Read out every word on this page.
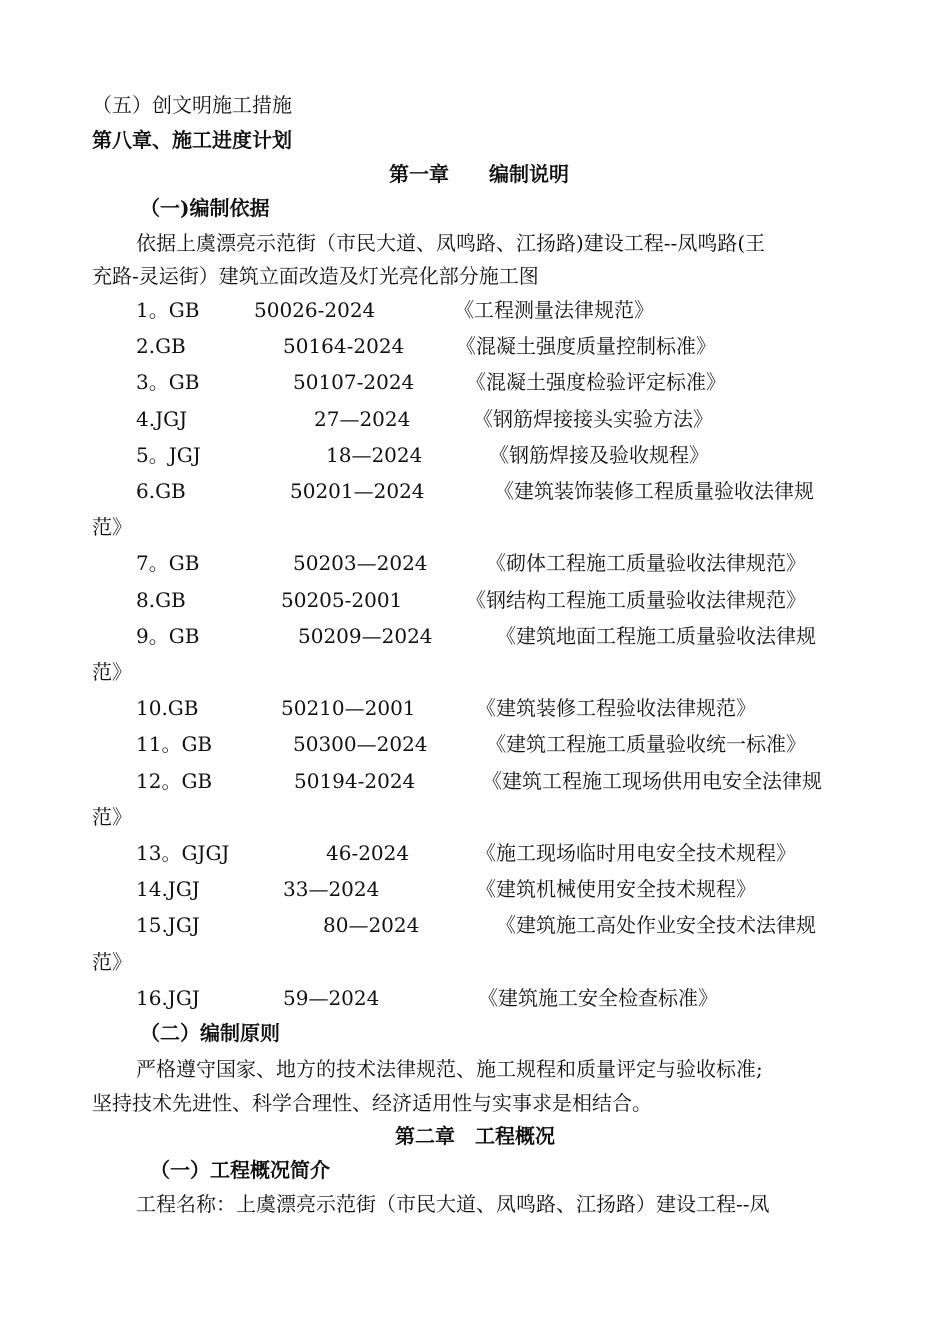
（五）创文明施工措施
第八章、施工进度计划
第一章　　编制说明
（一)编制依据
依据上虞漂亮示范街（市民大道、凤鸣路、江扬路)建设工程--凤鸣路(王
充路-灵运街）建筑立面改造及灯光亮化部分施工图
1。GB	50026-2024	《工程测量法律规范》
2.GB	50164-2024	《混凝土强度质量控制标准》
3。GB	50107-2024	《混凝土强度检验评定标准》
4.JGJ	27—2024	《钢筋焊接接头实验方法》
5。JGJ	18—2024	《钢筋焊接及验收规程》
6.GB	50201—2024	《建筑装饰装修工程质量验收法律规
范》
7。GB	50203—2024	《砌体工程施工质量验收法律规范》
8.GB	50205-2001	《钢结构工程施工质量验收法律规范》
9。GB	50209—2024	《建筑地面工程施工质量验收法律规
范》
10.GB	50210—2001	《建筑装修工程验收法律规范》
11。GB	50300—2024	《建筑工程施工质量验收统一标准》
12。GB	50194-2024	《建筑工程施工现场供用电安全法律规
范》
13。GJGJ	46-2024	《施工现场临时用电安全技术规程》
14.JGJ	33—2024	《建筑机械使用安全技术规程》
15.JGJ	80—2024	《建筑施工高处作业安全技术法律规
范》
16.JGJ	59—2024	《建筑施工安全检查标准》
（二）编制原则
严格遵守国家、地方的技术法律规范、施工规程和质量评定与验收标准;
坚持技术先进性、科学合理性、经济适用性与实事求是相结合。
第二章　工程概况
（一）工程概况简介
工程名称：上虞漂亮示范街（市民大道、凤鸣路、江扬路）建设工程--凤
